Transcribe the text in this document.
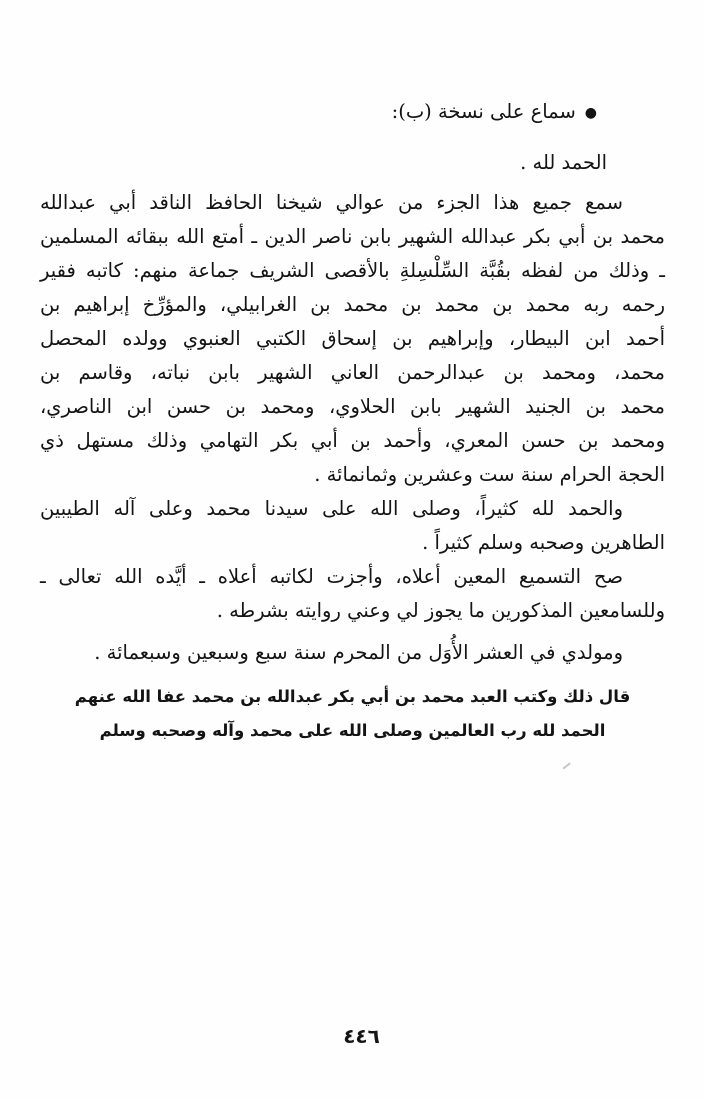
●سماع على نسخة (ب):
الحمد لله .
سمع جميع هذا الجزء من عوالي شيخنا الحافظ الناقد أبي عبدالله
محمد بن أبي بكر عبدالله الشهير بابن ناصر الدين ـ أمتع الله ببقائه المسلمين
ـ وذلك من لفظه بقُبَّة السِّلْسِلةِ بالأقصى الشريف جماعة منهم: كاتبه فقير
رحمه ربه محمد بن محمد بن محمد بن الغرابيلي، والمؤرِّخ إبراهيم بن
أحمد ابن البيطار، وإبراهيم بن إسحاق الكتبي العنبوي وولده المحصل
محمد، ومحمد بن عبدالرحمن العاني الشهير بابن نباته، وقاسم بن
محمد بن الجنيد الشهير بابن الحلاوي، ومحمد بن حسن ابن الناصري،
ومحمد بن حسن المعري، وأحمد بن أبي بكر التهامي وذلك مستهل ذي
الحجة الحرام سنة ست وعشرين وثمانمائة .
والحمد لله كثيراً، وصلى الله على سيدنا محمد وعلى آله الطيبين
الطاهرين وصحبه وسلم كثيراً .
صح التسميع المعين أعلاه، وأجزت لكاتبه أعلاه ـ أيَّده الله تعالى ـ
وللسامعين المذكورين ما يجوز لي وعني روايته بشرطه .
ومولدي في العشر الأُوَل من المحرم سنة سبع وسبعين وسبعمائة .
قال ذلك وكتب العبد محمد بن أبي بكر عبدالله بن محمد عفا الله عنهم
الحمد لله رب العالمين وصلى الله على محمد وآله وصحبه وسلم
٤٤٦
